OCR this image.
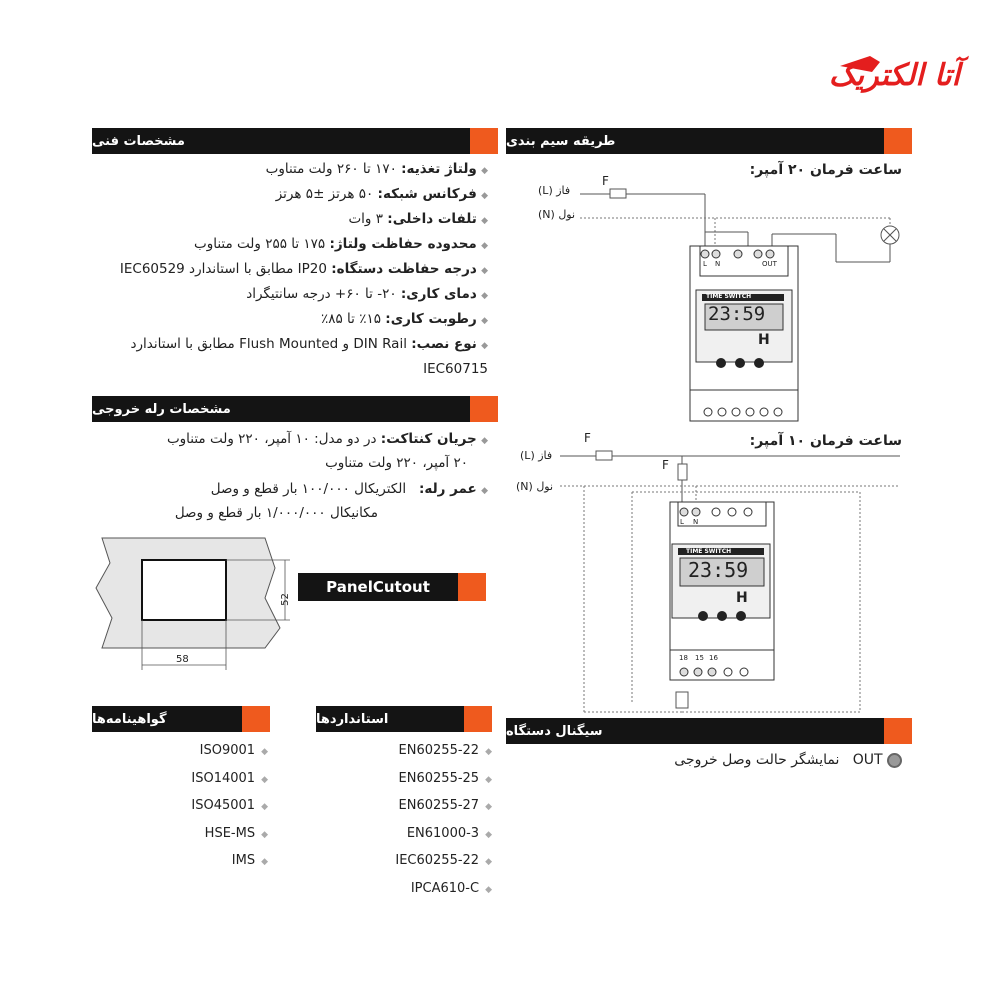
آتا الکتریک
مشخصات فنی
◆ ولتاژ تغذیه: ۱۷۰ تا ۲۶۰ ولت متناوب
◆ فرکانس شبکه: ۵۰ هرتز ±۵ هرتز
◆ تلفات داخلی: ۳ وات
◆ محدوده حفاظت ولتاژ: ۱۷۵ تا ۲۵۵ ولت متناوب
◆ درجه حفاظت دستگاه: IP20 مطابق با استاندارد IEC60529
◆ دمای کاری: ۲۰- تا ۶۰+ درجه سانتیگراد
◆ رطوبت کاری: ۱۵٪ تا ۸۵٪
◆ نوع نصب: DIN Rail و Flush Mounted مطابق با استاندارد IEC60715
مشخصات رله خروجی
◆ جریان کنتاکت: در دو مدل: ۱۰ آمپر، ۲۲۰ ولت متناوب
۲۰ آمپر، ۲۲۰ ولت متناوب
◆ عمر رله:   الکتریکال ۱۰۰/۰۰۰ بار قطع و وصل
مکانیکال ۱/۰۰۰/۰۰۰ بار قطع و وصل
58
52
PanelCutout
گواهینامه‌ها
ISO9001 ◆
ISO14001 ◆
ISO45001 ◆
HSE-MS ◆
IMS ◆
استانداردها
EN60255-22 ◆
EN60255-25 ◆
EN60255-27 ◆
EN61000-3 ◆
IEC60255-22 ◆
IPCA610-C ◆
طریقه سیم بندی
ساعت فرمان ۲۰ آمپر:
فاز (L)
نول (N)
F
L N	OUT
TIME SWITCH
23:59
H
ساعت فرمان ۱۰ آمپر:
فاز (L)
نول (N)
F
F
L N
TIME SWITCH
23:59
H
18 15 16
سیگنال دستگاه
OUT   نمایشگر حالت وصل خروجی
